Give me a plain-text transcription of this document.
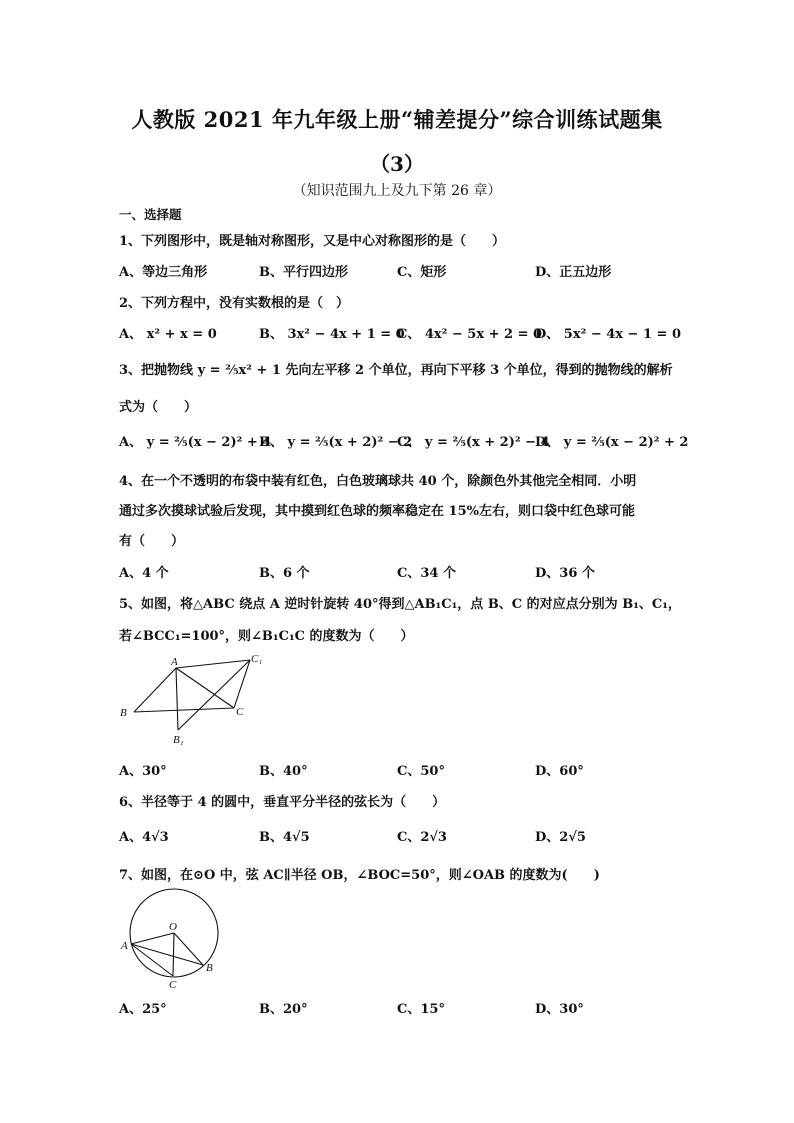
人教版 2021 年九年级上册“辅差提分”综合训练试题集
（3）
（知识范围九上及九下第 26 章）
一、选择题
1、下列图形中，既是轴对称图形，又是中心对称图形的是（　　）
A、等边三角形	B、平行四边形	C、矩形	D、正五边形
2、下列方程中，没有实数根的是（　）
A、 x² + x = 0	B、 3x² − 4x + 1 = 0
C、 4x² − 5x + 2 = 0
D、 5x² − 4x − 1 = 0
3、把抛物线 y = ⅖x² + 1 先向左平移 2 个单位，再向下平移 3 个单位，得到的抛物线的解析
式为（　　）
A、 y = ⅖(x − 2)² + 4
B、 y = ⅖(x + 2)² − 2
C、 y = ⅖(x + 2)² − 4
D、 y = ⅖(x − 2)² + 2
4、在一个不透明的布袋中装有红色，白色玻璃球共 40 个，除颜色外其他完全相同．小明
通过多次摸球试验后发现，其中摸到红色球的频率稳定在 15%左右，则口袋中红色球可能
有（　　）
A、4 个	B、6 个	C、34 个	D、36 个
5、如图，将△ABC 绕点 A 逆时针旋转 40°得到△AB₁C₁，点 B、C 的对应点分别为 B₁、C₁，
若∠BCC₁=100°，则∠B₁C₁C 的度数为（　　）
A	C₁
B	C
B₁
A、30°	B、40°	C、50°	D、60°
6、半径等于 4 的圆中，垂直平分半径的弦长为（　　）
A、4√3	B、4√5	C、2√3	D、2√5
7、如图，在⊙O 中，弦 AC∥半径 OB，∠BOC=50°，则∠OAB 的度数为(　　)
O
A
B
C
A、25°	B、20°	C、15°	D、30°
